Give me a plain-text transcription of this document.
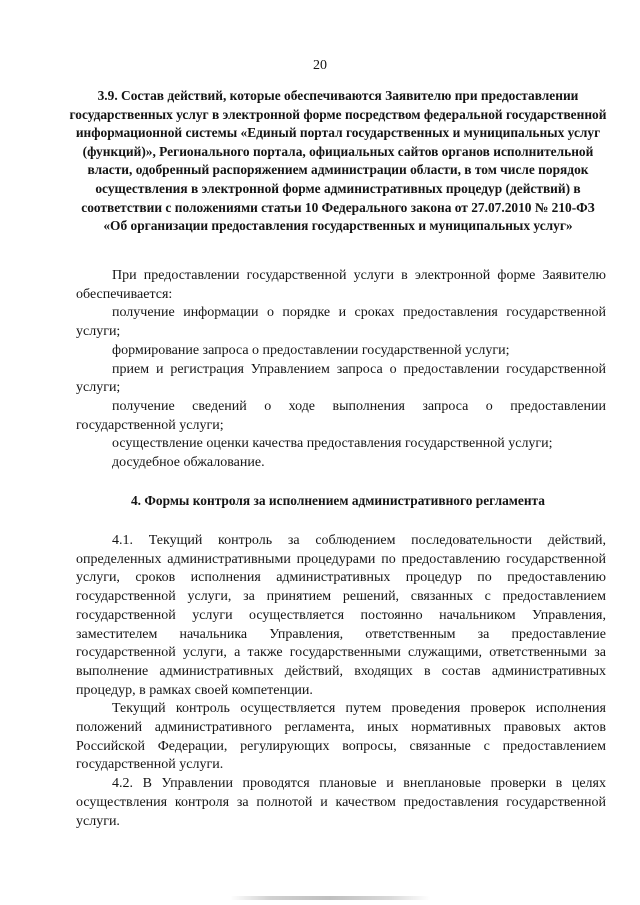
20
3.9. Состав действий, которые обеспечиваются Заявителю при предоставлении государственных услуг в электронной форме посредством федеральной государственной информационной системы «Единый портал государственных и муниципальных услуг (функций)», Регионального портала, официальных сайтов органов исполнительной власти, одобренный распоряжением администрации области, в том числе порядок осуществления в электронной форме административных процедур (действий) в соответствии с положениями статьи 10 Федерального закона от 27.07.2010 № 210-ФЗ «Об организации предоставления государственных и муниципальных услуг»

При предоставлении государственной услуги в электронной форме Заявителю обеспечивается:

получение информации о порядке и сроках предоставления государственной услуги;

формирование запроса о предоставлении государственной услуги;

прием и регистрация Управлением запроса о предоставлении государственной услуги;

получение сведений о ходе выполнения запроса о предоставлении государственной услуги;

осуществление оценки качества предоставления государственной услуги;

досудебное обжалование.

4. Формы контроля за исполнением административного регламента

4.1. Текущий контроль за соблюдением последовательности действий, определенных административными процедурами по предоставлению государственной услуги, сроков исполнения административных процедур по предоставлению государственной услуги, за принятием решений, связанных с предоставлением государственной услуги осуществляется постоянно начальником Управления, заместителем начальника Управления, ответственным за предоставление государственной услуги, а также государственными служащими, ответственными за выполнение административных действий, входящих в состав административных процедур, в рамках своей компетенции.

Текущий контроль осуществляется путем проведения проверок исполнения положений административного регламента, иных нормативных правовых актов Российской Федерации, регулирующих вопросы, связанные с предоставлением государственной услуги.

4.2. В Управлении проводятся плановые и внеплановые проверки в целях осуществления контроля за полнотой и качеством предоставления государственной услуги.
